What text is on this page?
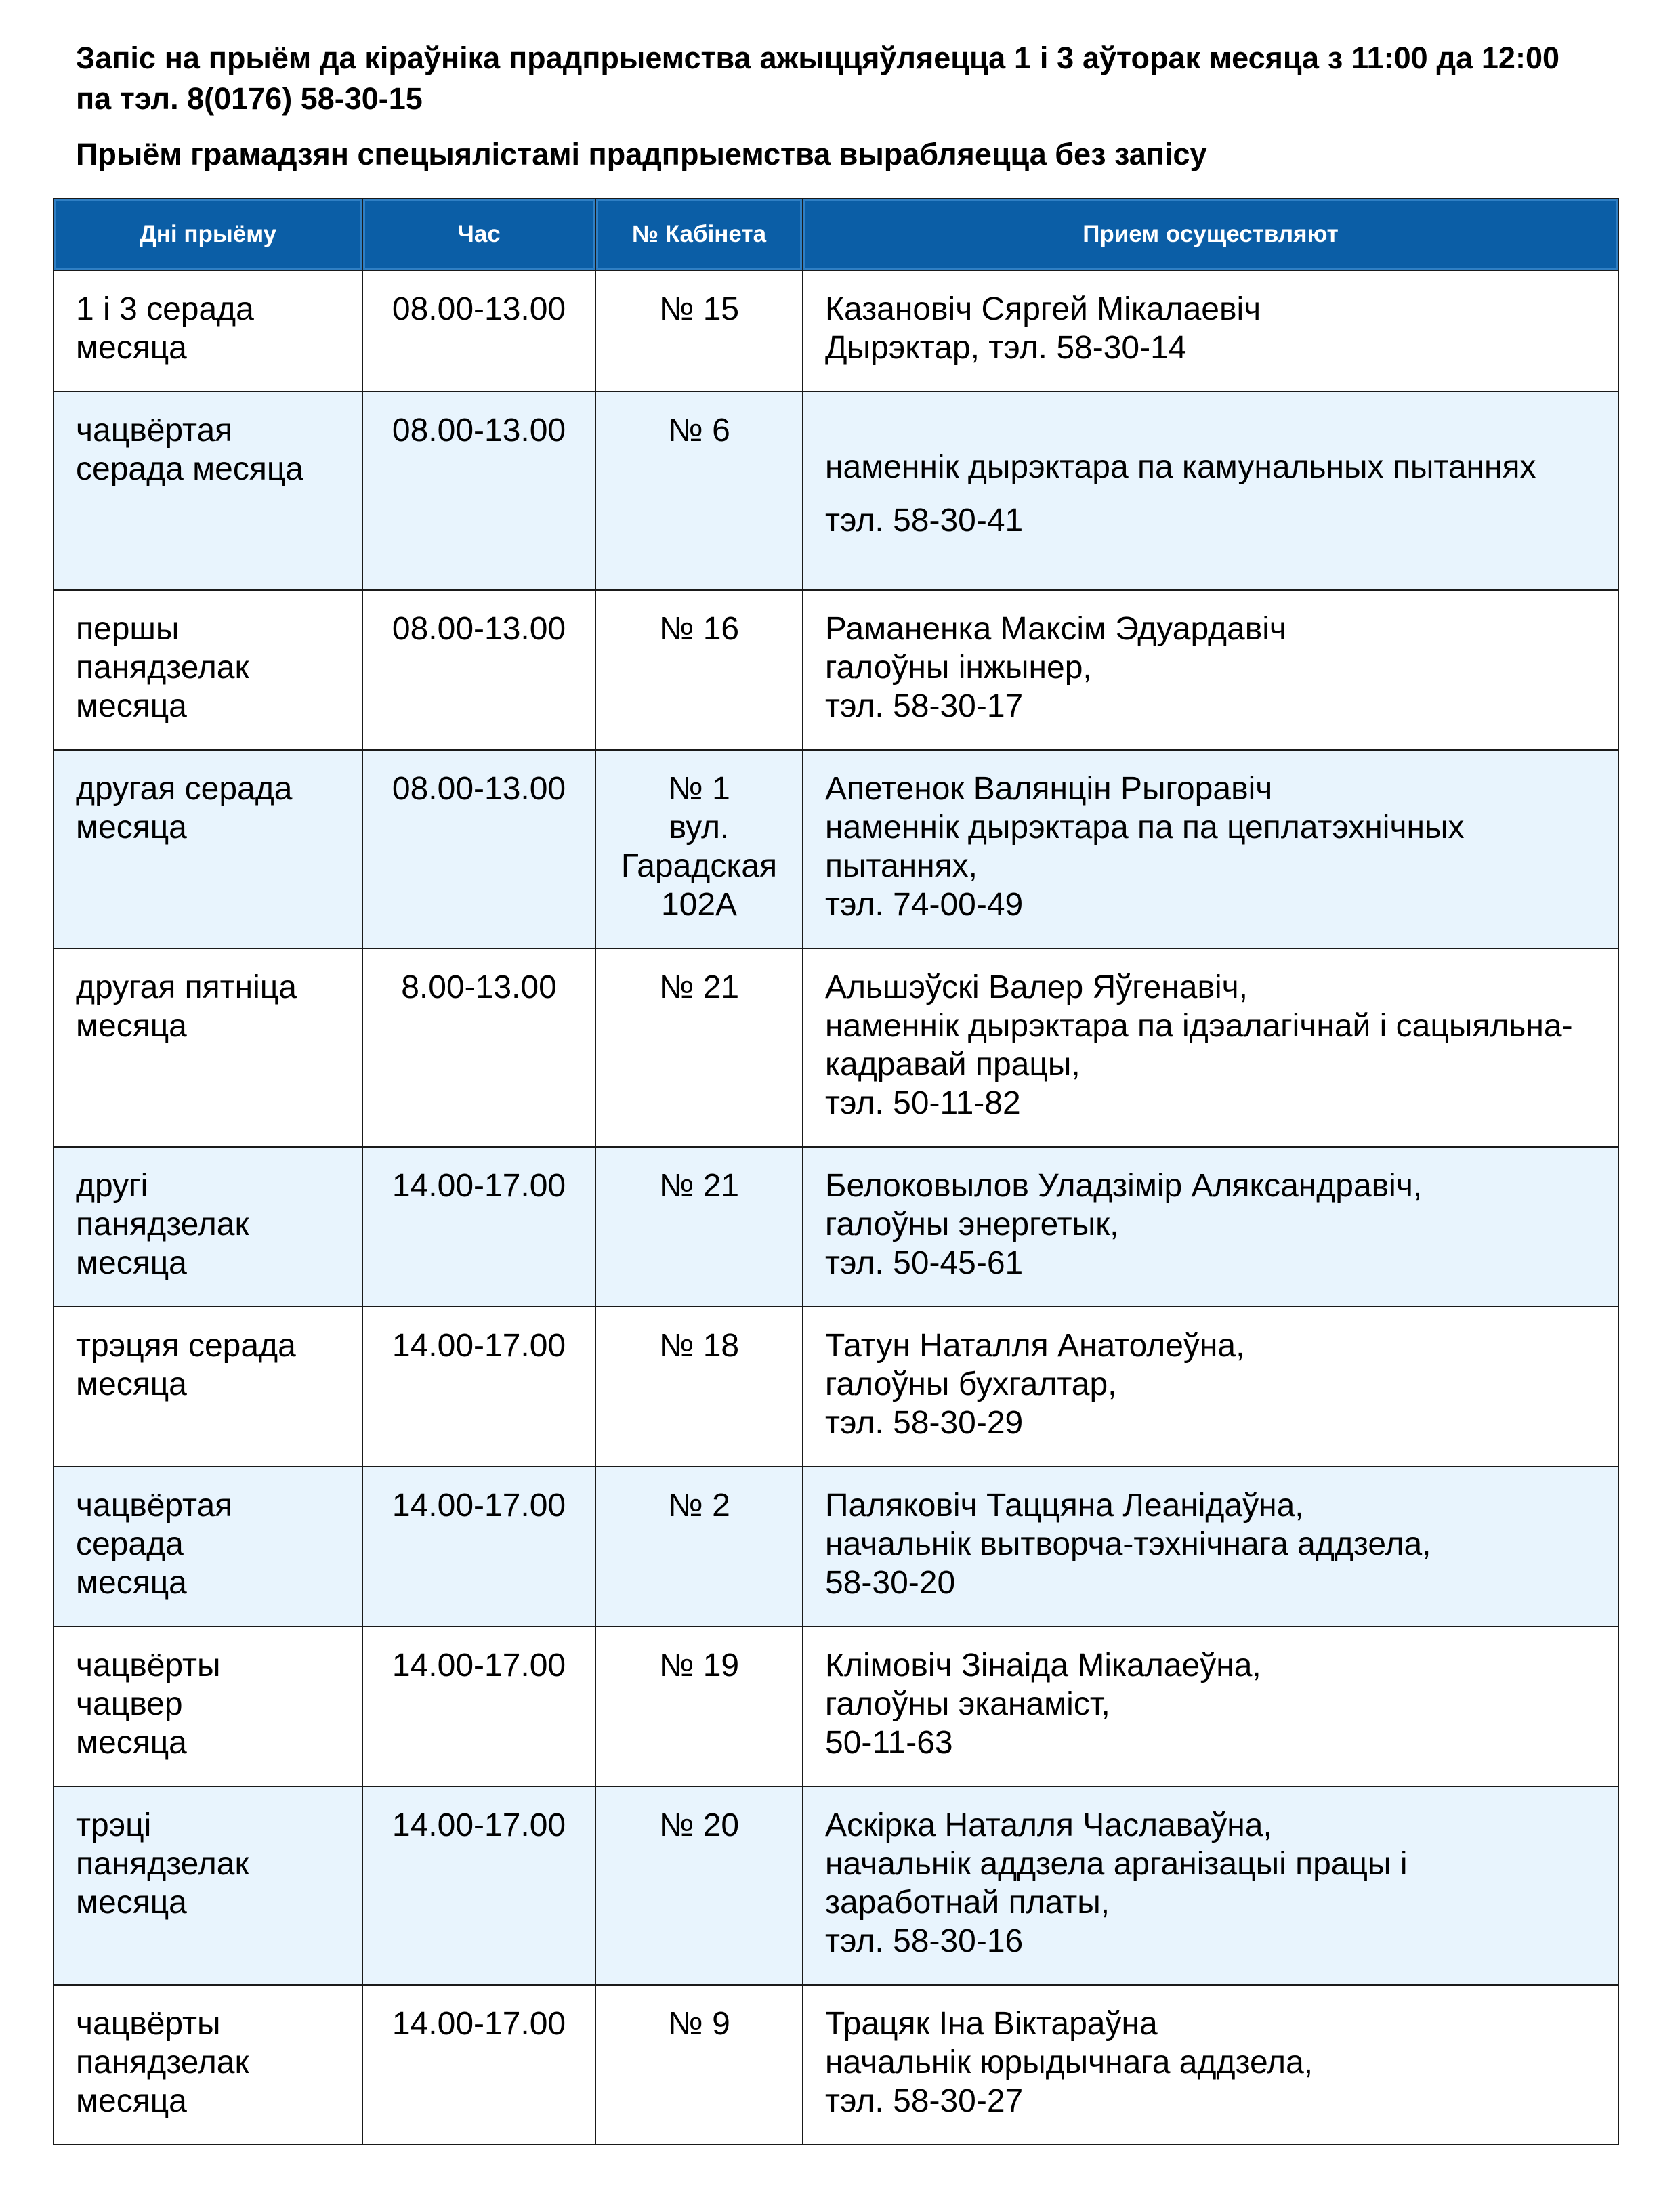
Запіс на прыём да кіраўніка прадпрыемства ажыццяўляецца 1 і 3 аўторак месяца з 11:00 да 12:00 па тэл. 8(0176) 58-30-15
Прыём грамадзян спецыялістамі прадпрыемства вырабляецца без запісу
Дні прыёму	Час	№ Кабінета	Прием осуществляют

1 і 3 серада
месяца	08.00-13.00	№ 15	Казановіч Сяргей Мікалаевіч
Дырэктар, тэл. 58-30-14

чацвёртая
серада месяца	08.00-13.00	№ 6	наменнік дырэктара па камунальных пытаннях
тэл. 58-30-41

першы
панядзелак
месяца	08.00-13.00	№ 16	Раманенка Максім Эдуардавіч
галоўны інжынер,
тэл. 58-30-17

другая серада
месяца	08.00-13.00	№ 1
вул.
Гарадская
102А	Апетенок Валянцін Рыгоравіч
наменнік дырэктара па па цеплатэхнічных
пытаннях,
тэл. 74-00-49

другая пятніца
месяца	8.00-13.00	№ 21	Альшэўскі Валер Яўгенавіч,
наменнік дырэктара па ідэалагічнай і сацыяльна-
кадравай працы,
тэл. 50-11-82

другі
панядзелак
месяца	14.00-17.00	№ 21	Белоковылов Уладзімір Аляксандравіч,
галоўны энергетык,
тэл. 50-45-61

трэцяя серада
месяца	14.00-17.00	№ 18	Татун Наталля Анатолеўна,
галоўны бухгалтар,
тэл. 58-30-29

чацвёртая
серада
месяца	14.00-17.00	№ 2	Паляковіч Таццяна Леанідаўна,
начальнік вытворча-тэхнічнага аддзела,
58-30-20

чацвёрты
чацвер
месяца	14.00-17.00	№ 19	Клімовіч Зінаіда Мікалаеўна,
галоўны эканаміст,
50-11-63

трэці
панядзелак
месяца	14.00-17.00	№ 20	Аскірка Наталля Чаславаўна,
начальнік аддзела арганізацыі працы і
заработнай платы,
тэл. 58-30-16

чацвёрты
панядзелак
месяца	14.00-17.00	№ 9	Трацяк Іна Віктараўна
начальнік юрыдычнага аддзела,
тэл. 58-30-27
